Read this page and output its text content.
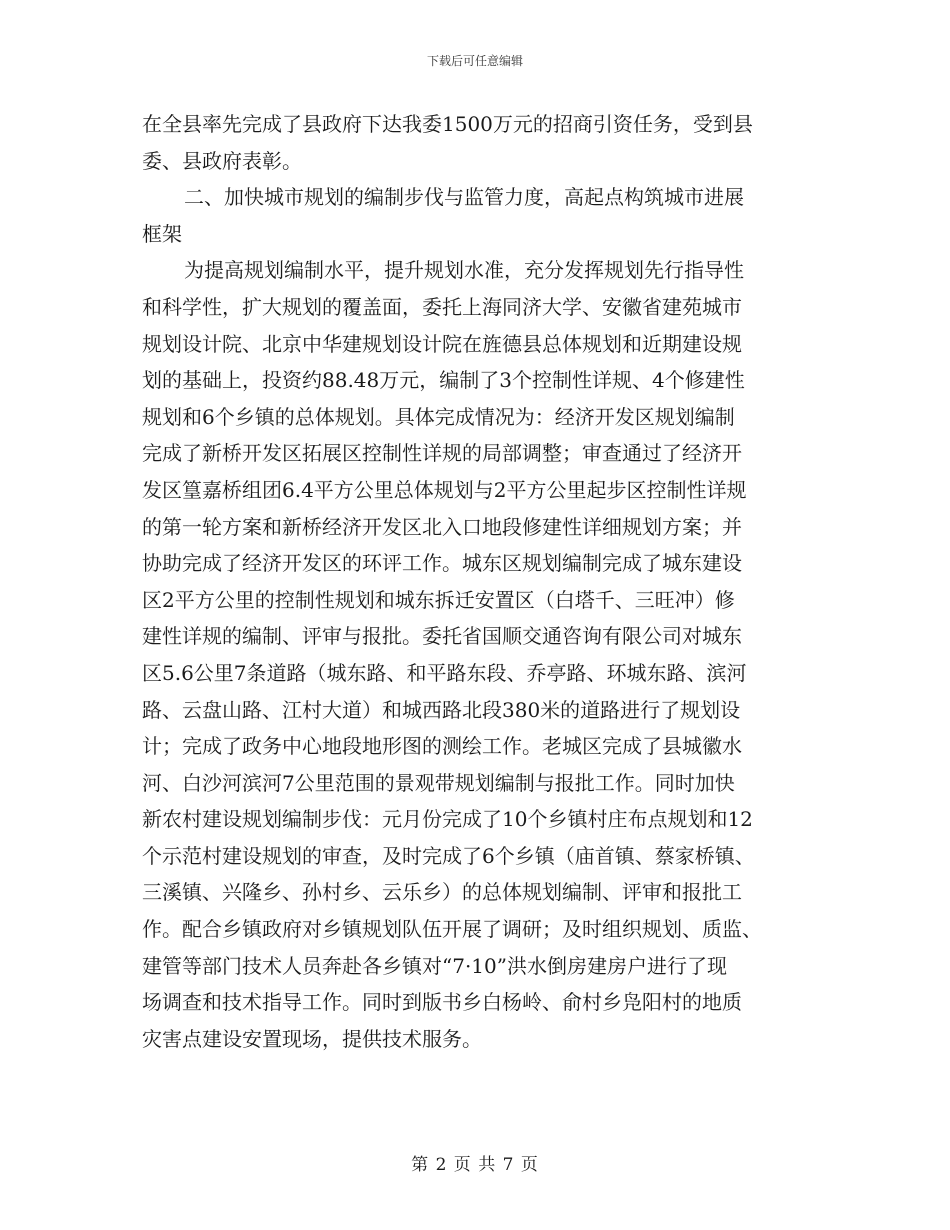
下载后可任意编辑
在全县率先完成了县政府下达我委1500万元的招商引资任务，受到县
委、县政府表彰。
二、加快城市规划的编制步伐与监管力度，高起点构筑城市进展
框架
为提高规划编制水平，提升规划水准，充分发挥规划先行指导性
和科学性，扩大规划的覆盖面，委托上海同济大学、安徽省建苑城市
规划设计院、北京中华建规划设计院在旌德县总体规划和近期建设规
划的基础上，投资约88.48万元，编制了3个控制性详规、4个修建性
规划和6个乡镇的总体规划。具体完成情况为：经济开发区规划编制
完成了新桥开发区拓展区控制性详规的局部调整；审查通过了经济开
发区篁嘉桥组团6.4平方公里总体规划与2平方公里起步区控制性详规
的第一轮方案和新桥经济开发区北入口地段修建性详细规划方案；并
协助完成了经济开发区的环评工作。城东区规划编制完成了城东建设
区2平方公里的控制性规划和城东拆迁安置区（白塔千、三旺冲）修
建性详规的编制、评审与报批。委托省国顺交通咨询有限公司对城东
区5.6公里7条道路（城东路、和平路东段、乔亭路、环城东路、滨河
路、云盘山路、江村大道）和城西路北段380米的道路进行了规划设
计；完成了政务中心地段地形图的测绘工作。老城区完成了县城徽水
河、白沙河滨河7公里范围的景观带规划编制与报批工作。同时加快
新农村建设规划编制步伐：元月份完成了10个乡镇村庄布点规划和12
个示范村建设规划的审查，及时完成了6个乡镇（庙首镇、蔡家桥镇、
三溪镇、兴隆乡、孙村乡、云乐乡）的总体规划编制、评审和报批工
作。配合乡镇政府对乡镇规划队伍开展了调研；及时组织规划、质监、
建管等部门技术人员奔赴各乡镇对“7·10”洪水倒房建房户进行了现
场调查和技术指导工作。同时到版书乡白杨岭、俞村乡凫阳村的地质
灾害点建设安置现场，提供技术服务。
第 2 页 共 7 页
